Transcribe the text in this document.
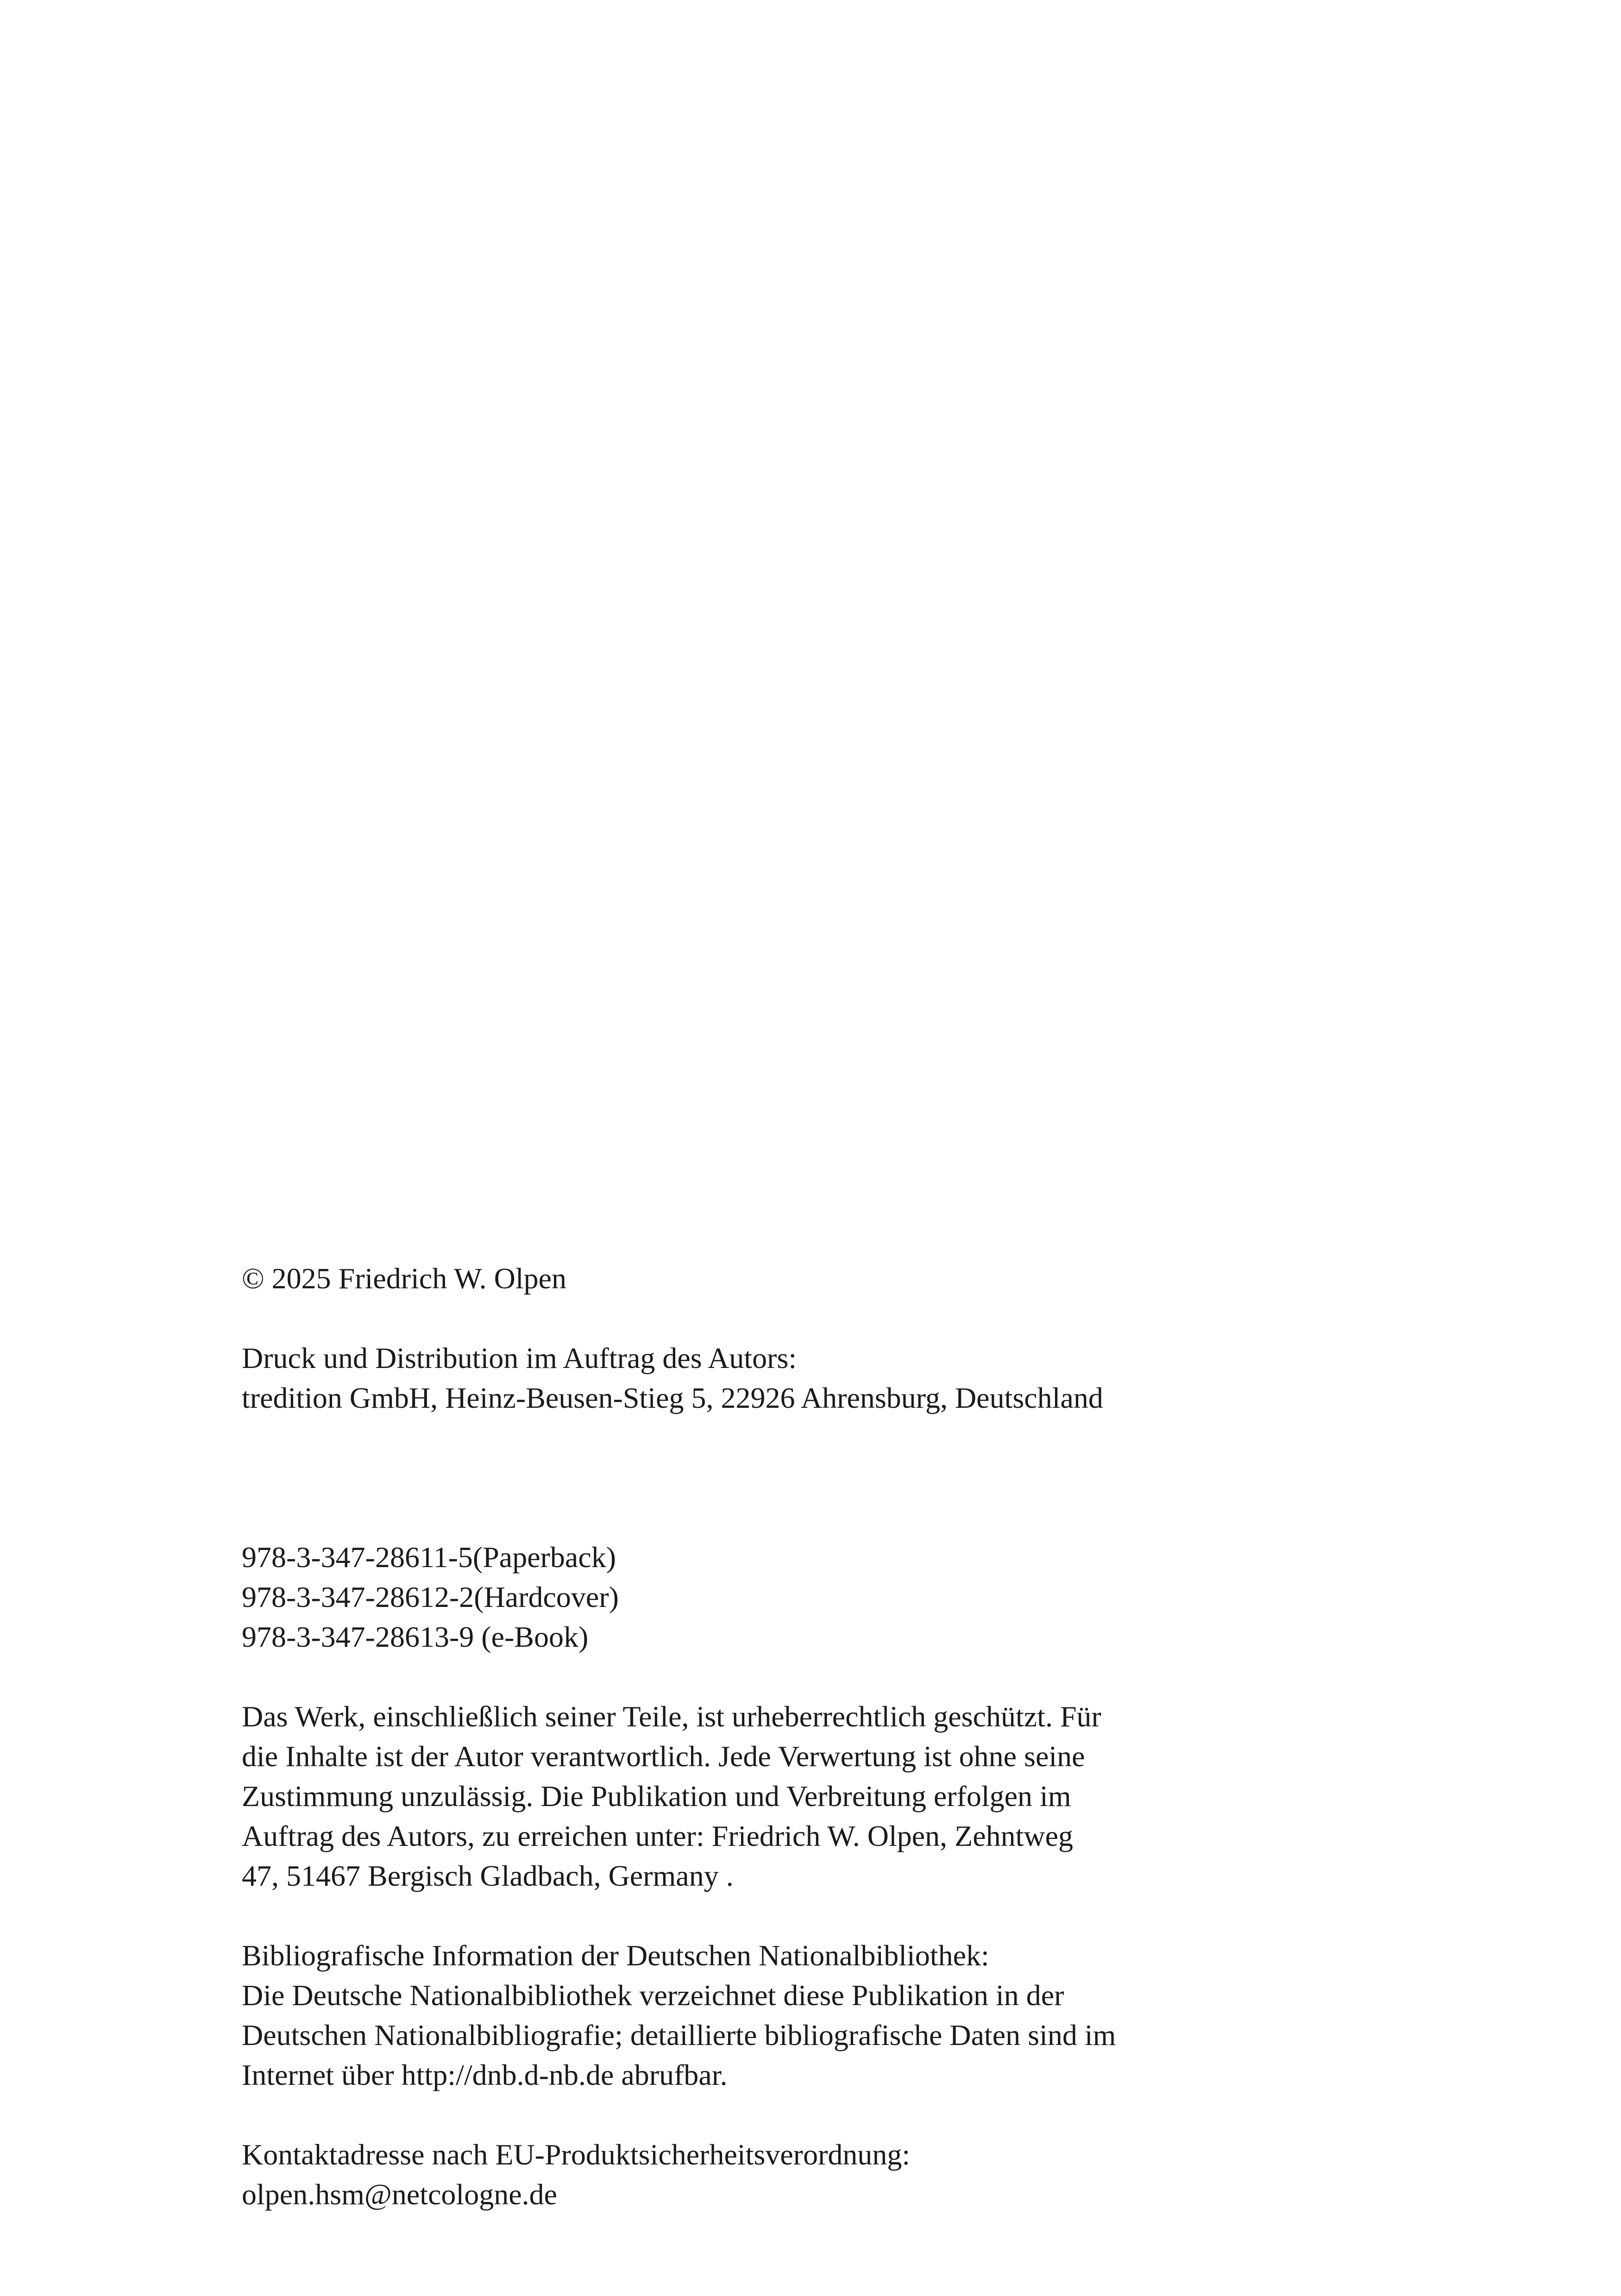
© 2025 Friedrich W. Olpen
Druck und Distribution im Auftrag des Autors:
tredition GmbH, Heinz-Beusen-Stieg 5, 22926 Ahrensburg, Deutschland
978-3-347-28611-5(Paperback)
978-3-347-28612-2(Hardcover)
978-3-347-28613-9 (e-Book)
Das Werk, einschließlich seiner Teile, ist urheberrechtlich geschützt. Für
die Inhalte ist der Autor verantwortlich. Jede Verwertung ist ohne seine
Zustimmung unzulässig. Die Publikation und Verbreitung erfolgen im
Auftrag des Autors, zu erreichen unter: Friedrich W. Olpen, Zehntweg
47, 51467 Bergisch Gladbach, Germany .
Bibliografische Information der Deutschen Nationalbibliothek:
Die Deutsche Nationalbibliothek verzeichnet diese Publikation in der
Deutschen Nationalbibliografie; detaillierte bibliografische Daten sind im
Internet über http://dnb.d-nb.de abrufbar.
Kontaktadresse nach EU-Produktsicherheitsverordnung:
olpen.hsm@netcologne.de
